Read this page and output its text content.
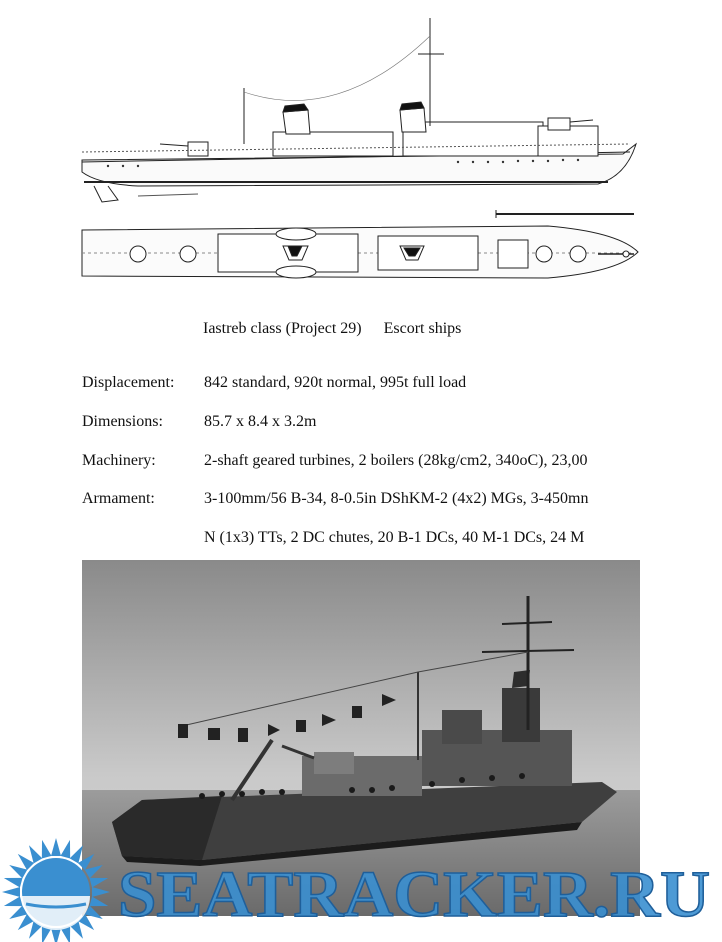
Iastreb class (Project 29) Escort ships
Displacement:	842 standard, 920t normal, 995t full load
Dimensions:	85.7 x 8.4 x 3.2m
Machinery:	2-shaft geared turbines, 2 boilers (28kg/cm2, 340oC), 23,00
Armament:	3-100mm/56 B-34, 8-0.5in DShKM-2 (4x2) MGs, 3-450mn
N (1x3) TTs, 2 DC chutes, 20 B-1 DCs, 40 M-1 DCs, 24 M
SEATRACKER.RU
